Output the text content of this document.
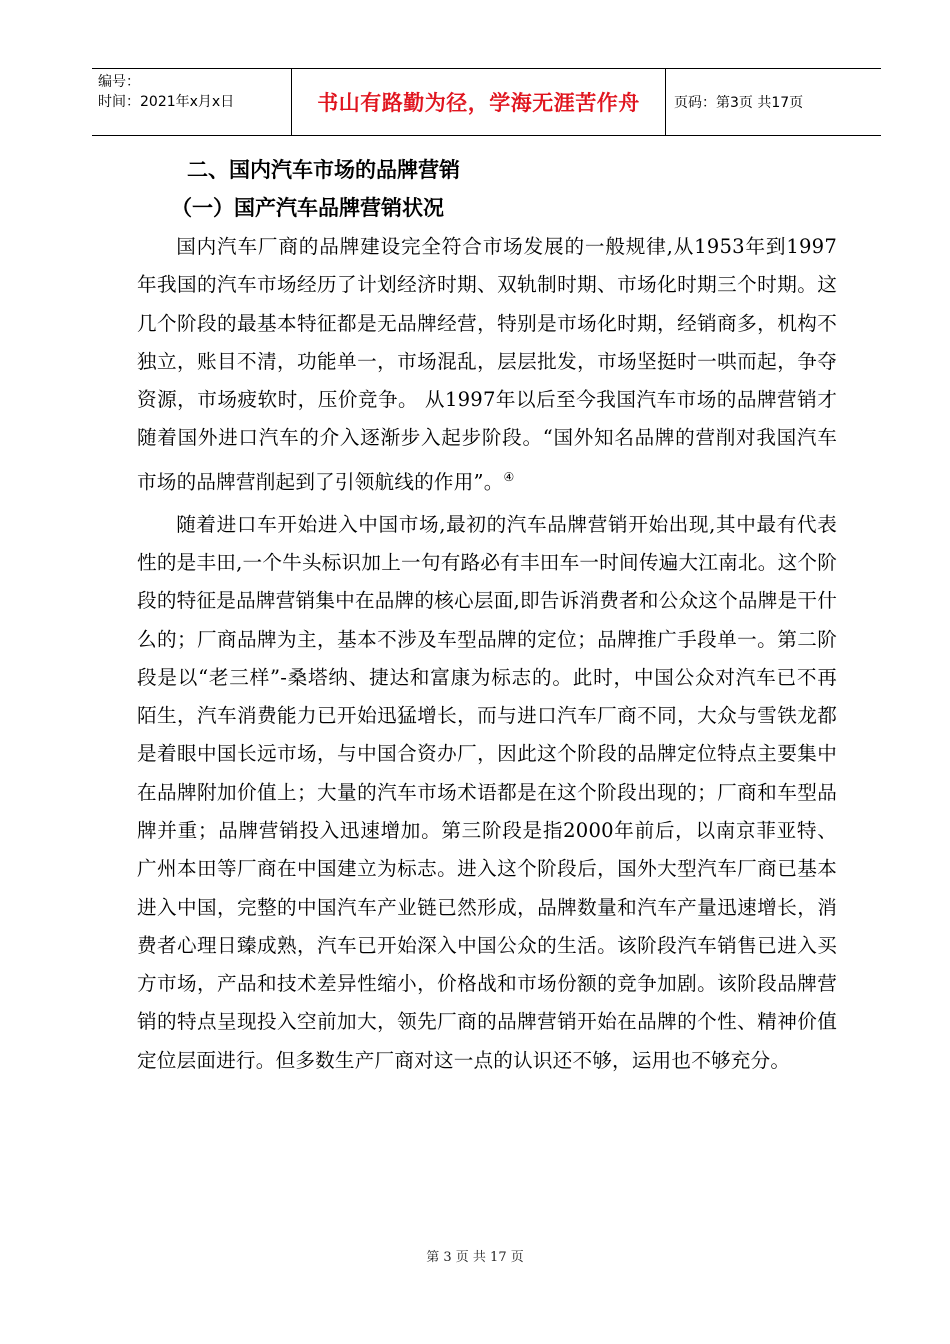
编号：
时间：2021年x月x日	书山有路勤为径，学海无涯苦作舟 页码：第3页 共17页
二、国内汽车市场的品牌营销
（一）国产汽车品牌营销状况

国内汽车厂商的品牌建设完全符合市场发展的一般规律,从1953年到1997年我国的汽车市场经历了计划经济时期、双轨制时期、市场化时期三个时期。这几个阶段的最基本特征都是无品牌经营，特别是市场化时期，经销商多，机构不独立，账目不清，功能单一，市场混乱，层层批发，市场坚挺时一哄而起，争夺资源，市场疲软时，压价竞争。 从1997年以后至今我国汽车市场的品牌营销才随着国外进口汽车的介入逐渐步入起步阶段。“国外知名品牌的营削对我国汽车市场的品牌营削起到了引领航线的作用”。④

随着进口车开始进入中国市场,最初的汽车品牌营销开始出现,其中最有代表性的是丰田,一个牛头标识加上一句有路必有丰田车一时间传遍大江南北。这个阶段的特征是品牌营销集中在品牌的核心层面,即告诉消费者和公众这个品牌是干什么的；厂商品牌为主，基本不涉及车型品牌的定位；品牌推广手段单一。第二阶段是以“老三样”-桑塔纳、捷达和富康为标志的。此时，中国公众对汽车已不再陌生，汽车消费能力已开始迅猛增长，而与进口汽车厂商不同，大众与雪铁龙都是着眼中国长远市场，与中国合资办厂，因此这个阶段的品牌定位特点主要集中在品牌附加价值上；大量的汽车市场术语都是在这个阶段出现的；厂商和车型品牌并重；品牌营销投入迅速增加。第三阶段是指2000年前后，以南京菲亚特、广州本田等厂商在中国建立为标志。进入这个阶段后，国外大型汽车厂商已基本进入中国，完整的中国汽车产业链已然形成，品牌数量和汽车产量迅速增长，消费者心理日臻成熟，汽车已开始深入中国公众的生活。该阶段汽车销售已进入买方市场，产品和技术差异性缩小，价格战和市场份额的竞争加剧。该阶段品牌营销的特点呈现投入空前加大，领先厂商的品牌营销开始在品牌的个性、精神价值定位层面进行。但多数生产厂商对这一点的认识还不够，运用也不够充分。

第 3 页 共 17 页
